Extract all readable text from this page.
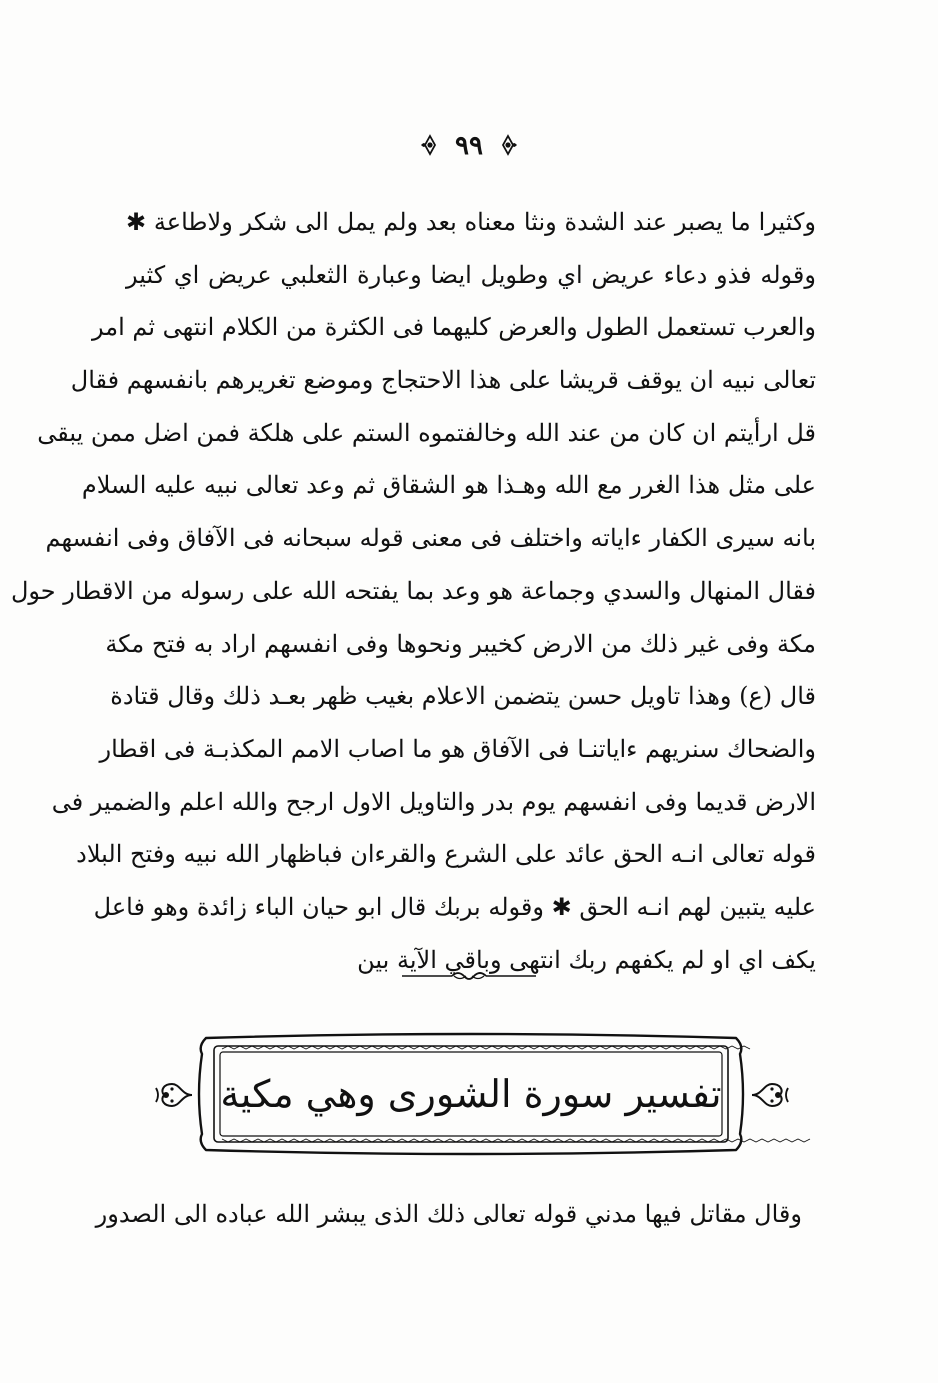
٩٩
وكثيرا ما يصبر عند الشدة ونثا معناه بعد ولم يمل الى شكر ولاطاعة ✱
وقوله فذو دعاء عريض اي وطويل ايضا وعبارة الثعلبي عريض اي كثير
والعرب تستعمل الطول والعرض كليهما فى الكثرة من الكلام انتهى ثم امر
تعالى نبيه ان يوقف قريشا على هذا الاحتجاج وموضع تغريرهم بانفسهم فقال
قل ارأيتم ان كان من عند الله وخالفتموه الستم على هلكة فمن اضل ممن يبقى
على مثل هذا الغرر مع الله وهـذا هو الشقاق ثم وعد تعالى نبيه عليه السلام
بانه سيرى الكفار ءاياته واختلف فى معنى قوله سبحانه فى الآفاق وفى انفسهم
فقال المنهال والسدي وجماعة هو وعد بما يفتحه الله على رسوله من الاقطار حول
مكة وفى غير ذلك من الارض كخيبر ونحوها وفى انفسهم اراد به فتح مكة
قال (ع) وهذا تاويل حسن يتضمن الاعلام بغيب ظهر بعـد ذلك وقال قتادة
والضحاك سنريهم ءاياتنـا فى الآفاق هو ما اصاب الامم المكذبـة فى اقطار
الارض قديما وفى انفسهم يوم بدر والتاويل الاول ارجح والله اعلم والضمير فى
قوله تعالى انـه الحق عائد على الشرع والقرءان فباظهار الله نبيه وفتح البلاد
عليه يتبين لهم انـه الحق ✱ وقوله بربك قال ابو حيان الباء زائدة وهو فاعل
يكف اي او لم يكفهم ربك انتهى وباقي الآية بين
تفسير سورة الشورى وهي مكية
وقال مقاتل فيها مدني قوله تعالى ذلك الذى يبشر الله عباده الى الصدور
